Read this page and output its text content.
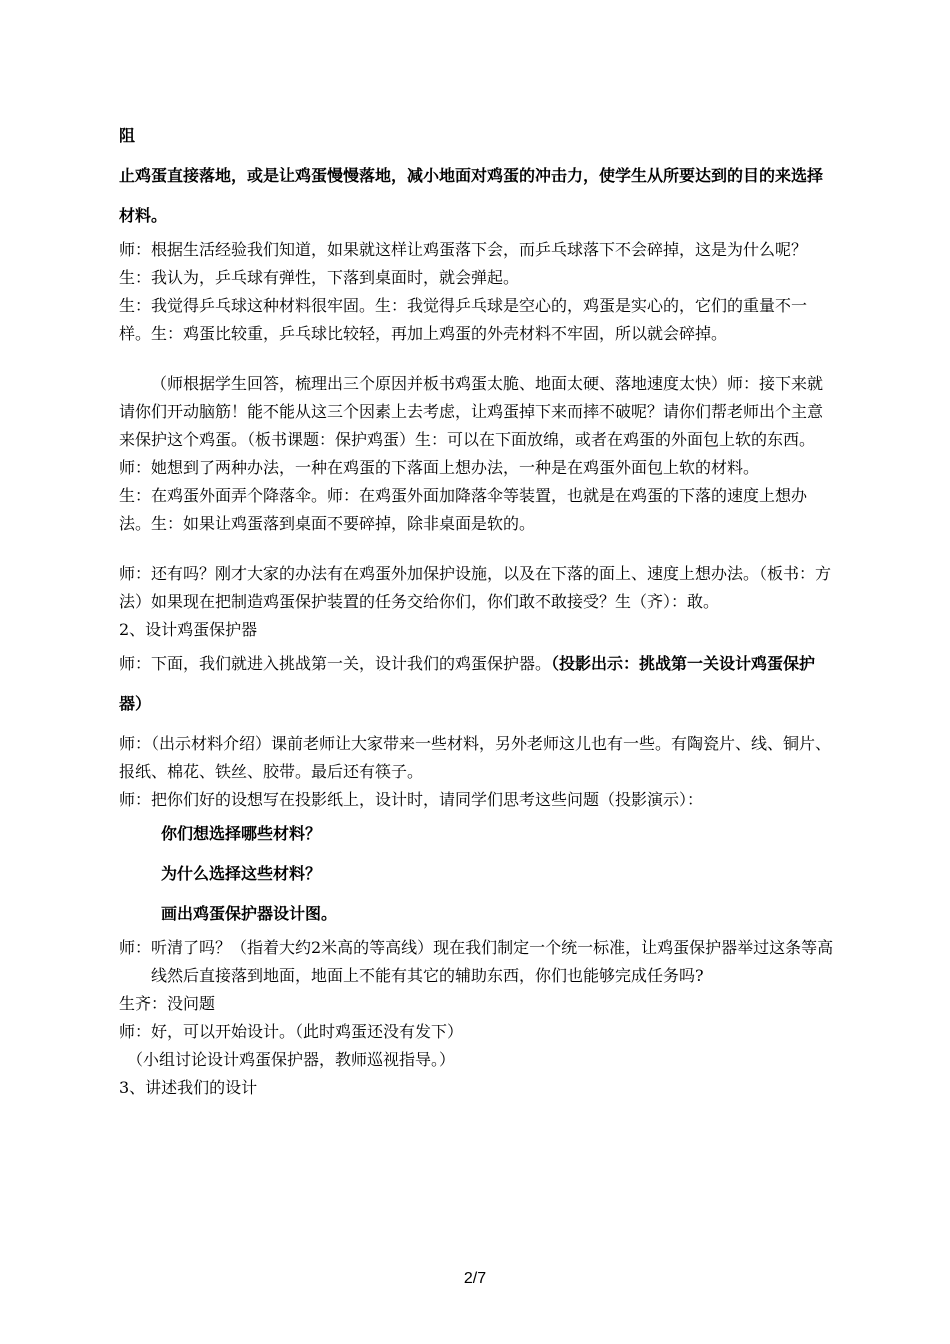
阻

止鸡蛋直接落地，或是让鸡蛋慢慢落地，减小地面对鸡蛋的冲击力，使学生从所要达到的目的来选择材料。

师：根据生活经验我们知道，如果就这样让鸡蛋落下会，而乒乓球落下不会碎掉，这是为什么呢？生：我认为，乒乓球有弹性，下落到桌面时，就会弹起。

生：我觉得乒乓球这种材料很牢固。生：我觉得乒乓球是空心的，鸡蛋是实心的，它们的重量不一样。生：鸡蛋比较重，乒乓球比较轻，再加上鸡蛋的外壳材料不牢固，所以就会碎掉。

（师根据学生回答，梳理出三个原因并板书鸡蛋太脆、地面太硬、落地速度太快）师：接下来就请你们开动脑筋！能不能从这三个因素上去考虑，让鸡蛋掉下来而摔不破呢？请你们帮老师出个主意来保护这个鸡蛋。（板书课题：保护鸡蛋）生：可以在下面放绵，或者在鸡蛋的外面包上软的东西。

师：她想到了两种办法，一种在鸡蛋的下落面上想办法，一种是在鸡蛋外面包上软的材料。

生：在鸡蛋外面弄个降落伞。师：在鸡蛋外面加降落伞等装置，也就是在鸡蛋的下落的速度上想办法。生：如果让鸡蛋落到桌面不要碎掉，除非桌面是软的。

师：还有吗？刚才大家的办法有在鸡蛋外加保护设施，以及在下落的面上、速度上想办法。（板书：方法）如果现在把制造鸡蛋保护装置的任务交给你们，你们敢不敢接受？生（齐）：敢。

2、设计鸡蛋保护器

师：下面，我们就进入挑战第一关，设计我们的鸡蛋保护器。（投影出示：挑战第一关设计鸡蛋保护器）

师：（出示材料介绍）课前老师让大家带来一些材料，另外老师这儿也有一些。有陶瓷片、线、铜片、报纸、棉花、铁丝、胶带。最后还有筷子。

师：把你们好的设想写在投影纸上，设计时，请同学们思考这些问题（投影演示）：

你们想选择哪些材料？

为什么选择这些材料？

画出鸡蛋保护器设计图。

师：听清了吗？（指着大约2米高的等高线）现在我们制定一个统一标准，让鸡蛋保护器举过这条等高线然后直接落到地面，地面上不能有其它的辅助东西，你们也能够完成任务吗?

生齐：没问题

师：好，可以开始设计。（此时鸡蛋还没有发下）

（小组讨论设计鸡蛋保护器，教师巡视指导。）

3、讲述我们的设计

2/7
